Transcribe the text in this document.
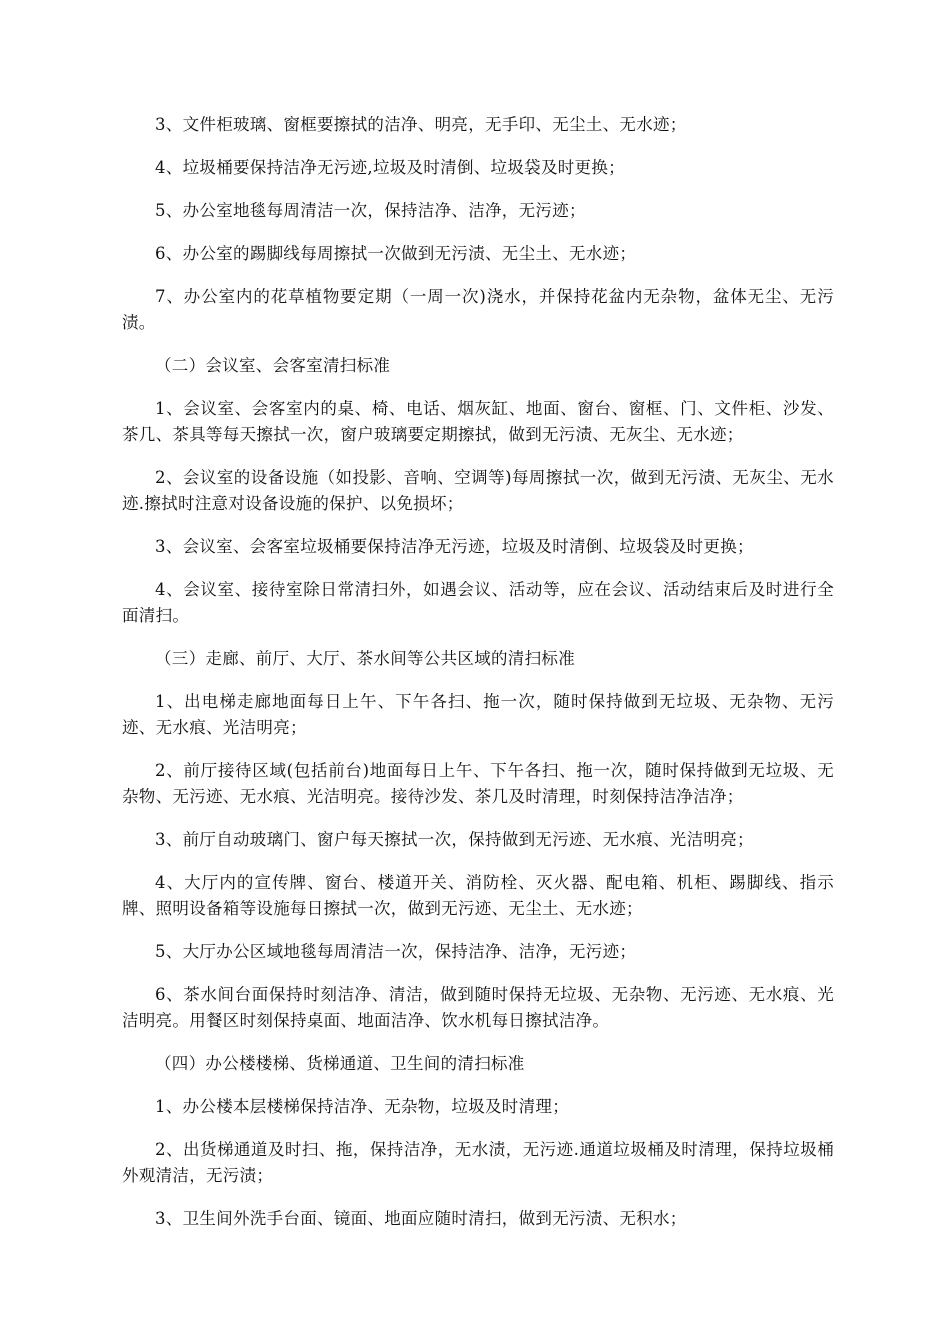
3、文件柜玻璃、窗框要擦拭的洁净、明亮，无手印、无尘土、无水迹；

4、垃圾桶要保持洁净无污迹,垃圾及时清倒、垃圾袋及时更换；

5、办公室地毯每周清洁一次，保持洁净、洁净，无污迹；

6、办公室的踢脚线每周擦拭一次做到无污渍、无尘土、无水迹；

7、办公室内的花草植物要定期（一周一次)浇水，并保持花盆内无杂物，盆体无尘、无污渍。

（二）会议室、会客室清扫标准

1、会议室、会客室内的桌、椅、电话、烟灰缸、地面、窗台、窗框、门、文件柜、沙发、茶几、茶具等每天擦拭一次，窗户玻璃要定期擦拭，做到无污渍、无灰尘、无水迹；

2、会议室的设备设施（如投影、音响、空调等)每周擦拭一次，做到无污渍、无灰尘、无水迹.擦拭时注意对设备设施的保护、以免损坏；

3、会议室、会客室垃圾桶要保持洁净无污迹，垃圾及时清倒、垃圾袋及时更换；

4、会议室、接待室除日常清扫外，如遇会议、活动等，应在会议、活动结束后及时进行全面清扫。

（三）走廊、前厅、大厅、茶水间等公共区域的清扫标准

1、出电梯走廊地面每日上午、下午各扫、拖一次，随时保持做到无垃圾、无杂物、无污迹、无水痕、光洁明亮；

2、前厅接待区域(包括前台)地面每日上午、下午各扫、拖一次，随时保持做到无垃圾、无杂物、无污迹、无水痕、光洁明亮。接待沙发、茶几及时清理，时刻保持洁净洁净；

3、前厅自动玻璃门、窗户每天擦拭一次，保持做到无污迹、无水痕、光洁明亮；

4、大厅内的宣传牌、窗台、楼道开关、消防栓、灭火器、配电箱、机柜、踢脚线、指示牌、照明设备箱等设施每日擦拭一次，做到无污迹、无尘土、无水迹；

5、大厅办公区域地毯每周清洁一次，保持洁净、洁净，无污迹；

6、茶水间台面保持时刻洁净、清洁，做到随时保持无垃圾、无杂物、无污迹、无水痕、光洁明亮。用餐区时刻保持桌面、地面洁净、饮水机每日擦拭洁净。

（四）办公楼楼梯、货梯通道、卫生间的清扫标准

1、办公楼本层楼梯保持洁净、无杂物，垃圾及时清理；

2、出货梯通道及时扫、拖，保持洁净，无水渍，无污迹.通道垃圾桶及时清理，保持垃圾桶外观清洁，无污渍；

3、卫生间外洗手台面、镜面、地面应随时清扫，做到无污渍、无积水；
